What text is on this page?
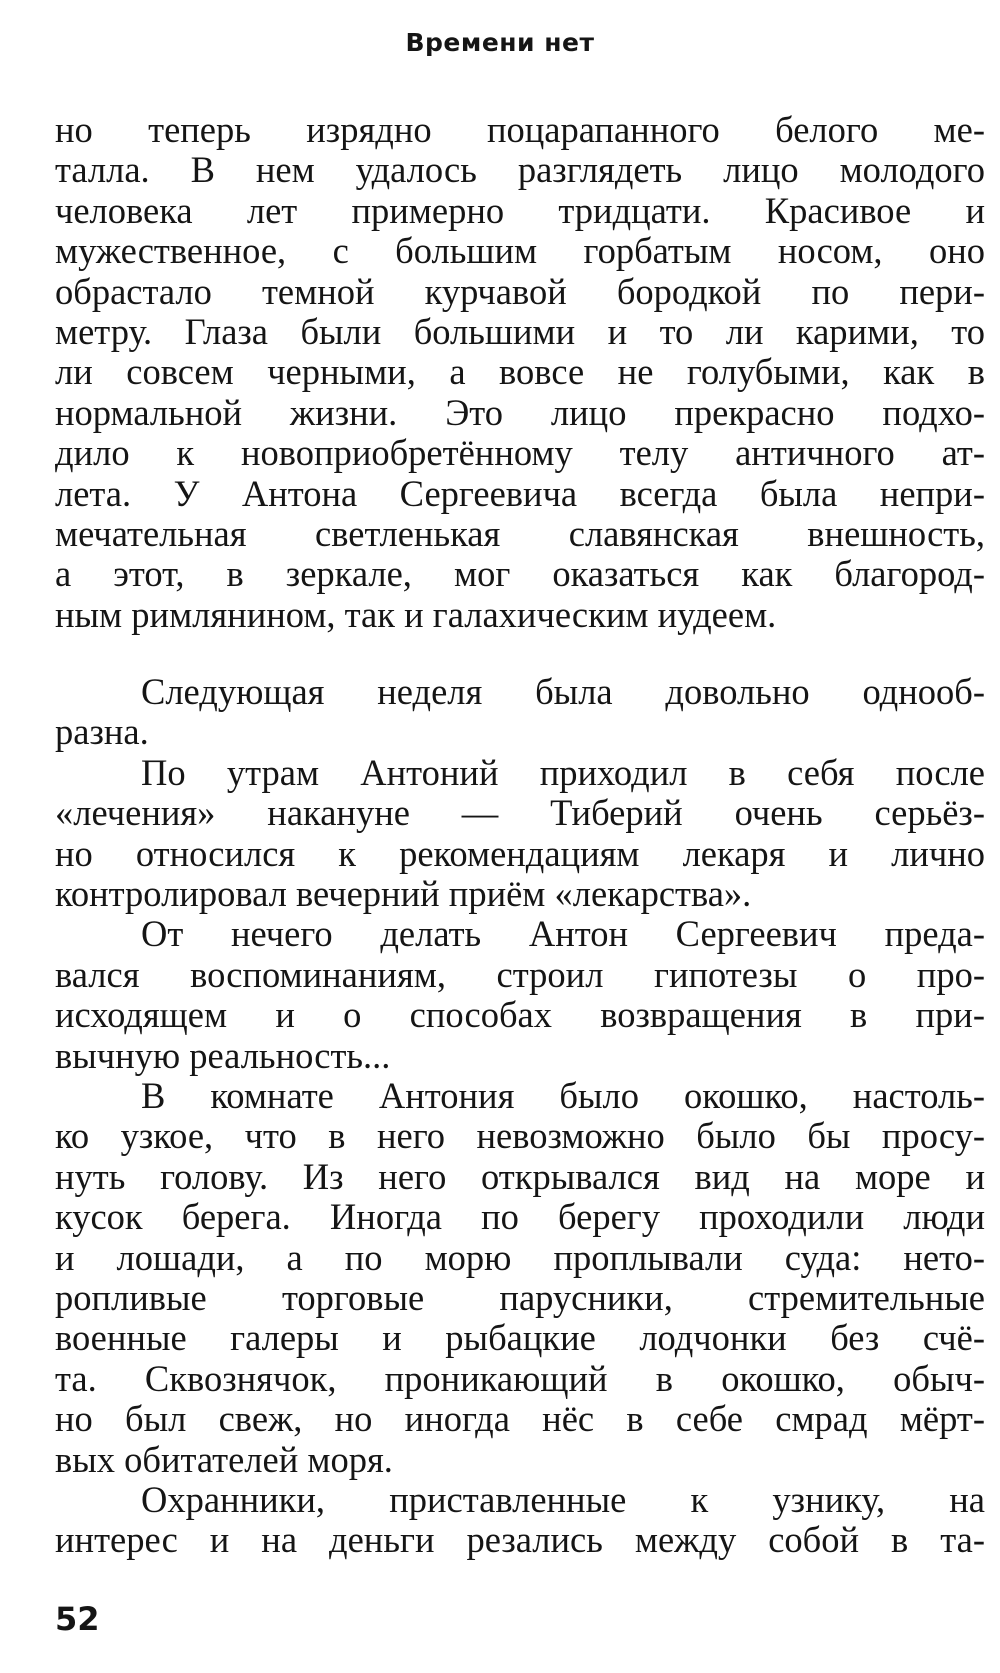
Времени нет
но теперь изрядно поцарапанного белого ме-
талла. В нем удалось разглядеть лицо молодого
человека лет примерно тридцати. Красивое и
мужественное, с большим горбатым носом, оно
обрастало темной курчавой бородкой по пери-
метру. Глаза были большими и то ли карими, то
ли совсем черными, а вовсе не голубыми, как в
нормальной жизни. Это лицо прекрасно подхо-
дило к новоприобретённому телу античного ат-
лета. У Антона Сергеевича всегда была непри-
мечательная светленькая славянская внешность,
а этот, в зеркале, мог оказаться как благород-
ным римлянином, так и галахическим иудеем.
Следующая неделя была довольно однооб-
разна.
По утрам Антоний приходил в себя после
«лечения» накануне — Тиберий очень серьёз-
но относился к рекомендациям лекаря и лично
контролировал вечерний приём «лекарства».
От нечего делать Антон Сергеевич преда-
вался воспоминаниям, строил гипотезы о про-
исходящем и о способах возвращения в при-
вычную реальность...
В комнате Антония было окошко, настоль-
ко узкое, что в него невозможно было бы просу-
нуть голову. Из него открывался вид на море и
кусок берега. Иногда по берегу проходили люди
и лошади, а по морю проплывали суда: нето-
ропливые торговые парусники, стремительные
военные галеры и рыбацкие лодчонки без счё-
та. Сквознячок, проникающий в окошко, обыч-
но был свеж, но иногда нёс в себе смрад мёрт-
вых обитателей моря.
Охранники, приставленные к узнику, на
интерес и на деньги резались между собой в та-
52
